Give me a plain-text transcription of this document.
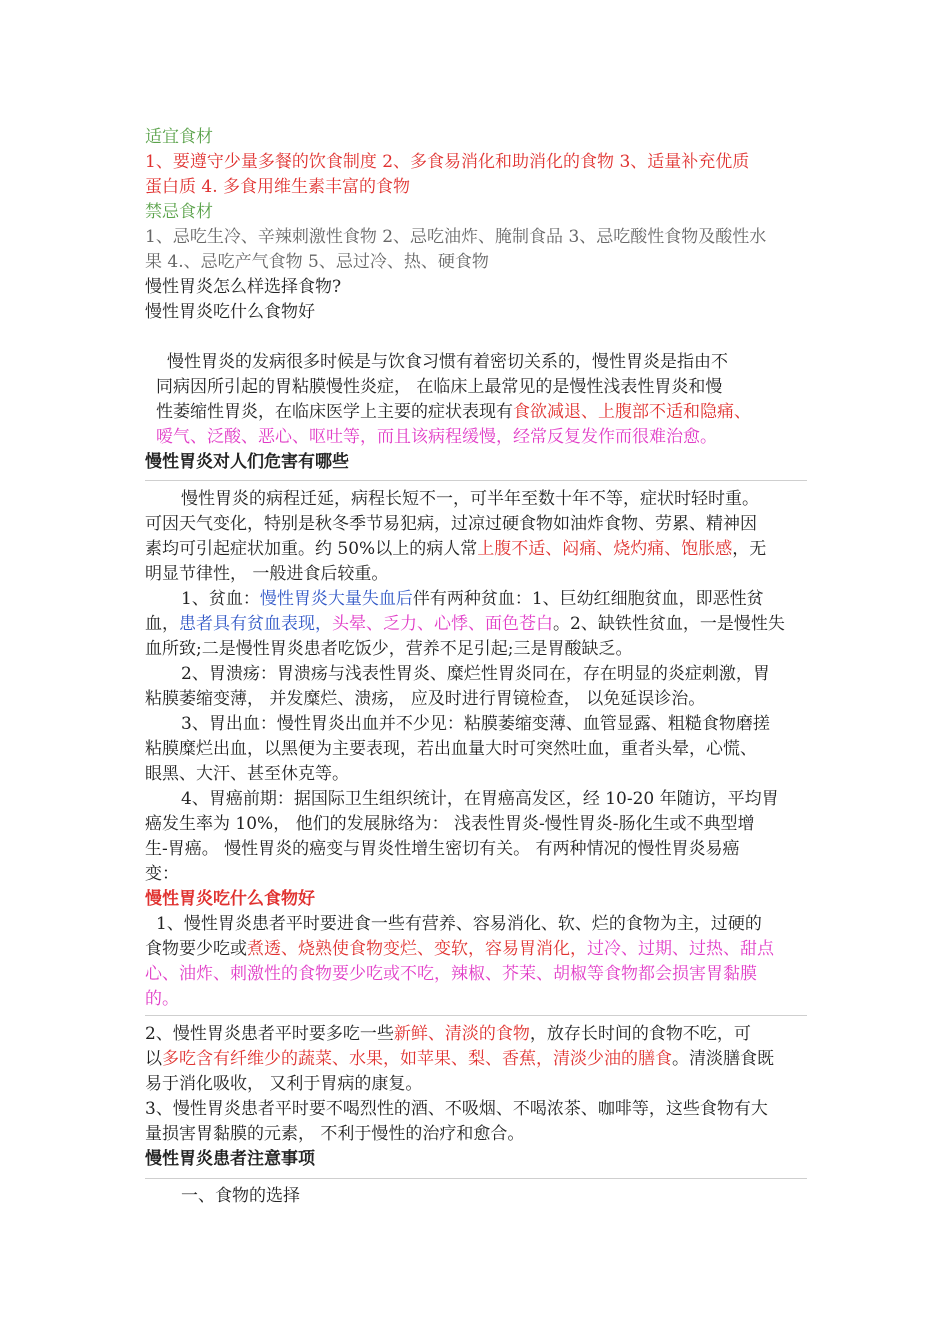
适宜食材
1、要遵守少量多餐的饮食制度 2、多食易消化和助消化的食物 3、适量补充优质
蛋白质 4. 多食用维生素丰富的食物
禁忌食材
1、忌吃生冷、辛辣刺激性食物 2、忌吃油炸、腌制食品 3、忌吃酸性食物及酸性水
果 4.、忌吃产气食物 5、忌过冷、热、硬食物
慢性胃炎怎么样选择食物?
慢性胃炎吃什么食物好
慢性胃炎的发病很多时候是与饮食习惯有着密切关系的，慢性胃炎是指由不
同病因所引起的胃粘膜慢性炎症， 在临床上最常见的是慢性浅表性胃炎和慢
性萎缩性胃炎，在临床医学上主要的症状表现有食欲减退、上腹部不适和隐痛、
嗳气、泛酸、恶心、呕吐等，而且该病程缓慢，经常反复发作而很难治愈。
慢性胃炎对人们危害有哪些
慢性胃炎的病程迁延，病程长短不一，可半年至数十年不等，症状时轻时重。
可因天气变化，特别是秋冬季节易犯病，过凉过硬食物如油炸食物、劳累、精神因
素均可引起症状加重。约 50%以上的病人常上腹不适、闷痛、烧灼痛、饱胀感，无
明显节律性， 一般进食后较重。
1、贫血：慢性胃炎大量失血后伴有两种贫血：1、巨幼红细胞贫血，即恶性贫
血，患者具有贫血表现，头晕、乏力、心悸、面色苍白。2、缺铁性贫血，一是慢性失
血所致;二是慢性胃炎患者吃饭少，营养不足引起;三是胃酸缺乏。
2、胃溃疡：胃溃疡与浅表性胃炎、糜烂性胃炎同在，存在明显的炎症刺激，胃
粘膜萎缩变薄， 并发糜烂、溃疡， 应及时进行胃镜检查， 以免延误诊治。
3、胃出血：慢性胃炎出血并不少见：粘膜萎缩变薄、血管显露、粗糙食物磨搓
粘膜糜烂出血，以黑便为主要表现，若出血量大时可突然吐血，重者头晕，心慌、
眼黑、大汗、甚至休克等。
4、胃癌前期：据国际卫生组织统计，在胃癌高发区，经 10-20 年随访，平均胃
癌发生率为 10%， 他们的发展脉络为： 浅表性胃炎-慢性胃炎-肠化生或不典型增
生-胃癌。 慢性胃炎的癌变与胃炎性增生密切有关。 有两种情况的慢性胃炎易癌
变：
慢性胃炎吃什么食物好
1、慢性胃炎患者平时要进食一些有营养、容易消化、软、烂的食物为主，过硬的
食物要少吃或煮透、烧熟使食物变烂、变软，容易胃消化，过冷、过期、过热、甜点
心、油炸、刺激性的食物要少吃或不吃，辣椒、芥茉、胡椒等食物都会损害胃黏膜
的。
2、慢性胃炎患者平时要多吃一些新鲜、清淡的食物，放存长时间的食物不吃，可
以多吃含有纤维少的蔬菜、水果，如苹果、梨、香蕉，清淡少油的膳食。清淡膳食既
易于消化吸收， 又利于胃病的康复。
3、慢性胃炎患者平时要不喝烈性的酒、不吸烟、不喝浓茶、咖啡等，这些食物有大
量损害胃黏膜的元素， 不利于慢性的治疗和愈合。
慢性胃炎患者注意事项
一、食物的选择
